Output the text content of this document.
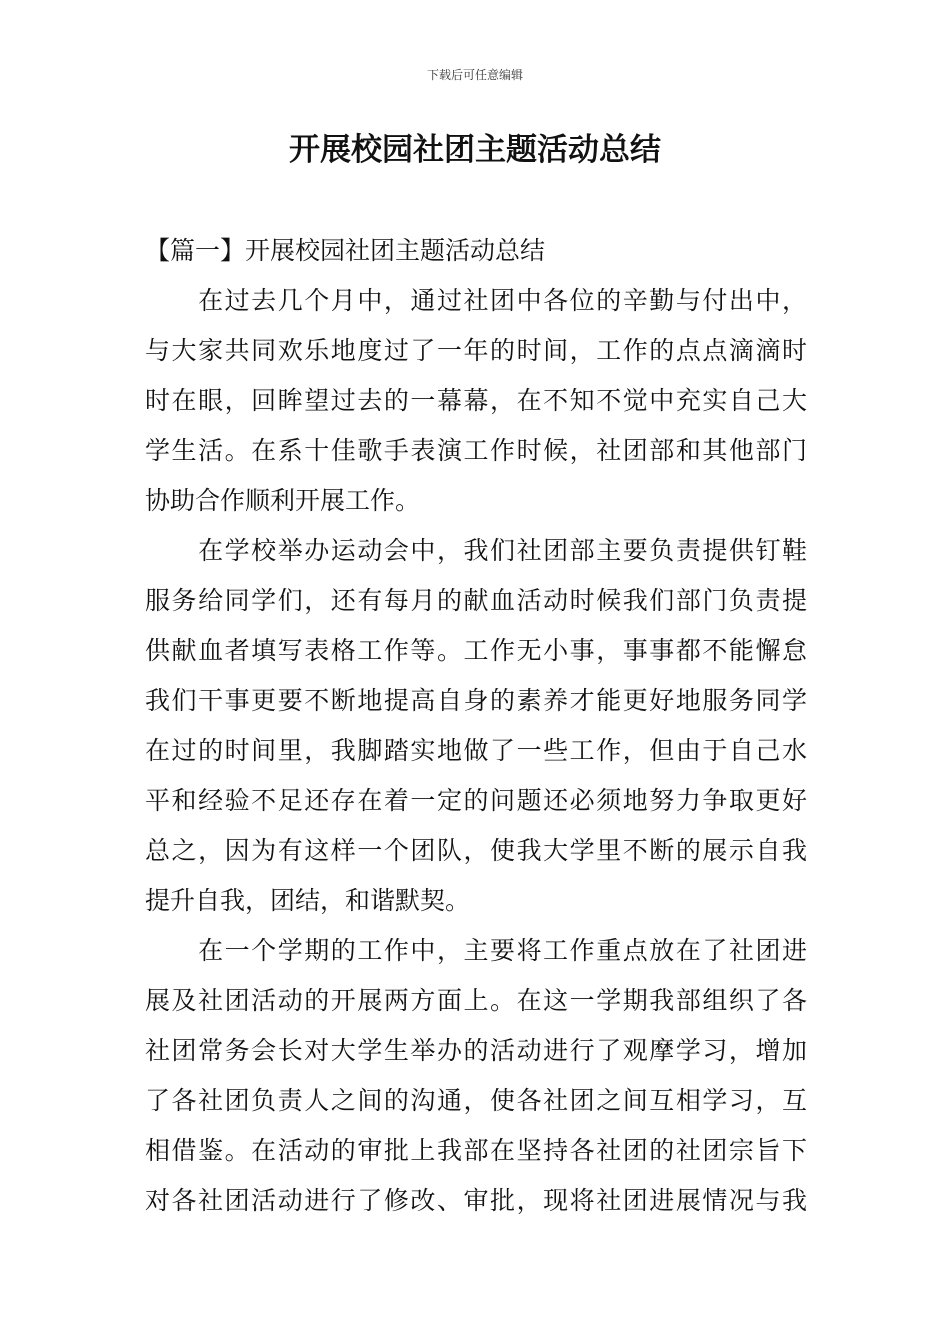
下载后可任意编辑
开展校园社团主题活动总结
【篇一】开展校园社团主题活动总结
　　在过去几个月中，通过社团中各位的辛勤与付出中，
与大家共同欢乐地度过了一年的时间，工作的点点滴滴时
时在眼，回眸望过去的一幕幕，在不知不觉中充实自己大
学生活。在系十佳歌手表演工作时候，社团部和其他部门
协助合作顺利开展工作。
　　在学校举办运动会中，我们社团部主要负责提供钉鞋
服务给同学们，还有每月的献血活动时候我们部门负责提
供献血者填写表格工作等。工作无小事，事事都不能懈怠
我们干事更要不断地提高自身的素养才能更好地服务同学
在过的时间里，我脚踏实地做了一些工作，但由于自己水
平和经验不足还存在着一定的问题还必须地努力争取更好
总之，因为有这样一个团队，使我大学里不断的展示自我
提升自我，团结，和谐默契。
　　在一个学期的工作中，主要将工作重点放在了社团进
展及社团活动的开展两方面上。在这一学期我部组织了各
社团常务会长对大学生举办的活动进行了观摩学习，增加
了各社团负责人之间的沟通，使各社团之间互相学习，互
相借鉴。在活动的审批上我部在坚持各社团的社团宗旨下
对各社团活动进行了修改、审批，现将社团进展情况与我
